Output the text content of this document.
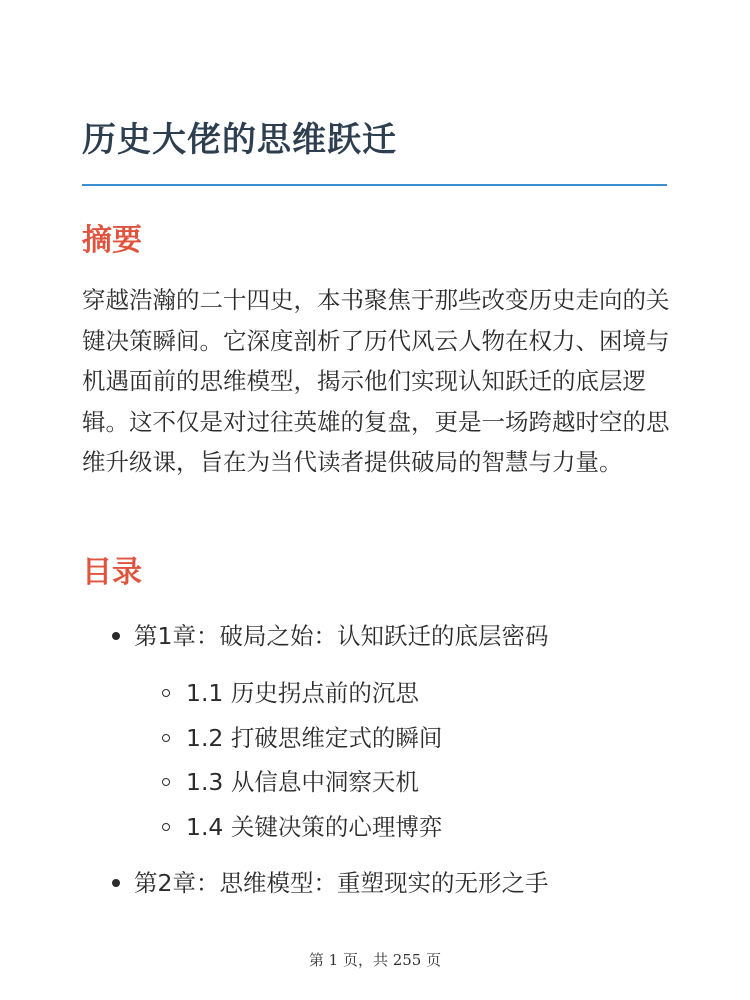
历史大佬的思维跃迁
摘要

穿越浩瀚的二十四史，本书聚焦于那些改变历史走向的关键决策瞬间。它深度剖析了历代风云人物在权力、困境与机遇面前的思维模型，揭示他们实现认知跃迁的底层逻辑。这不仅是对过往英雄的复盘，更是一场跨越时空的思维升级课，旨在为当代读者提供破局的智慧与力量。

目录
第1章：破局之始：认知跃迁的底层密码
1.1 历史拐点前的沉思
1.2 打破思维定式的瞬间
1.3 从信息中洞察天机
1.4 关键决策的心理博弈
第2章：思维模型：重塑现实的无形之手
第 1 页，共 255 页
